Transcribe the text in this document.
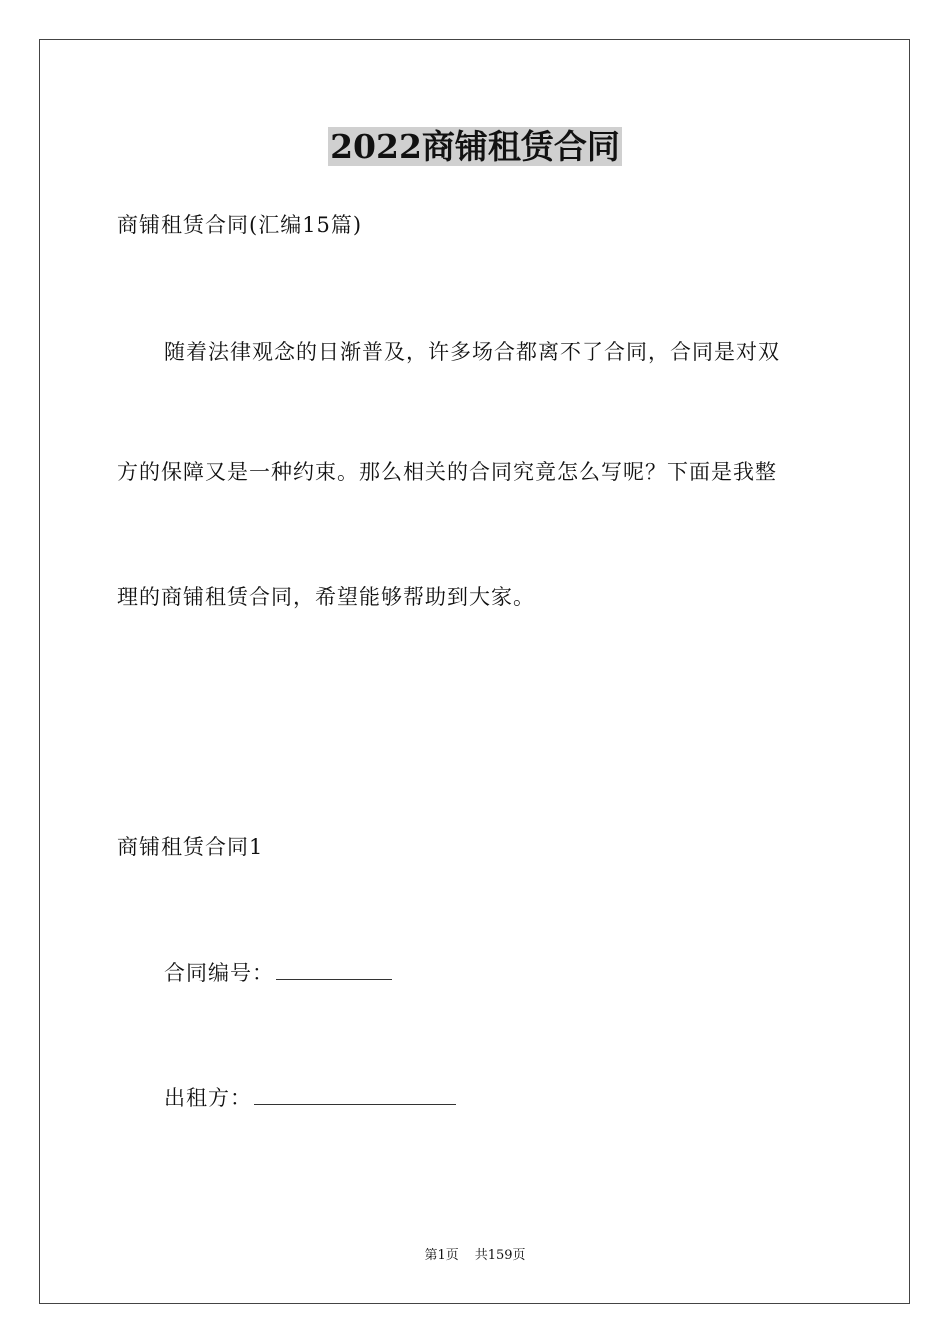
2022商铺租赁合同
商铺租赁合同(汇编15篇)
随着法律观念的日渐普及，许多场合都离不了合同，合同是对双
方的保障又是一种约束。那么相关的合同究竟怎么写呢？下面是我整
理的商铺租赁合同，希望能够帮助到大家。
商铺租赁合同1
合同编号：
出租方：
第1页 共159页
